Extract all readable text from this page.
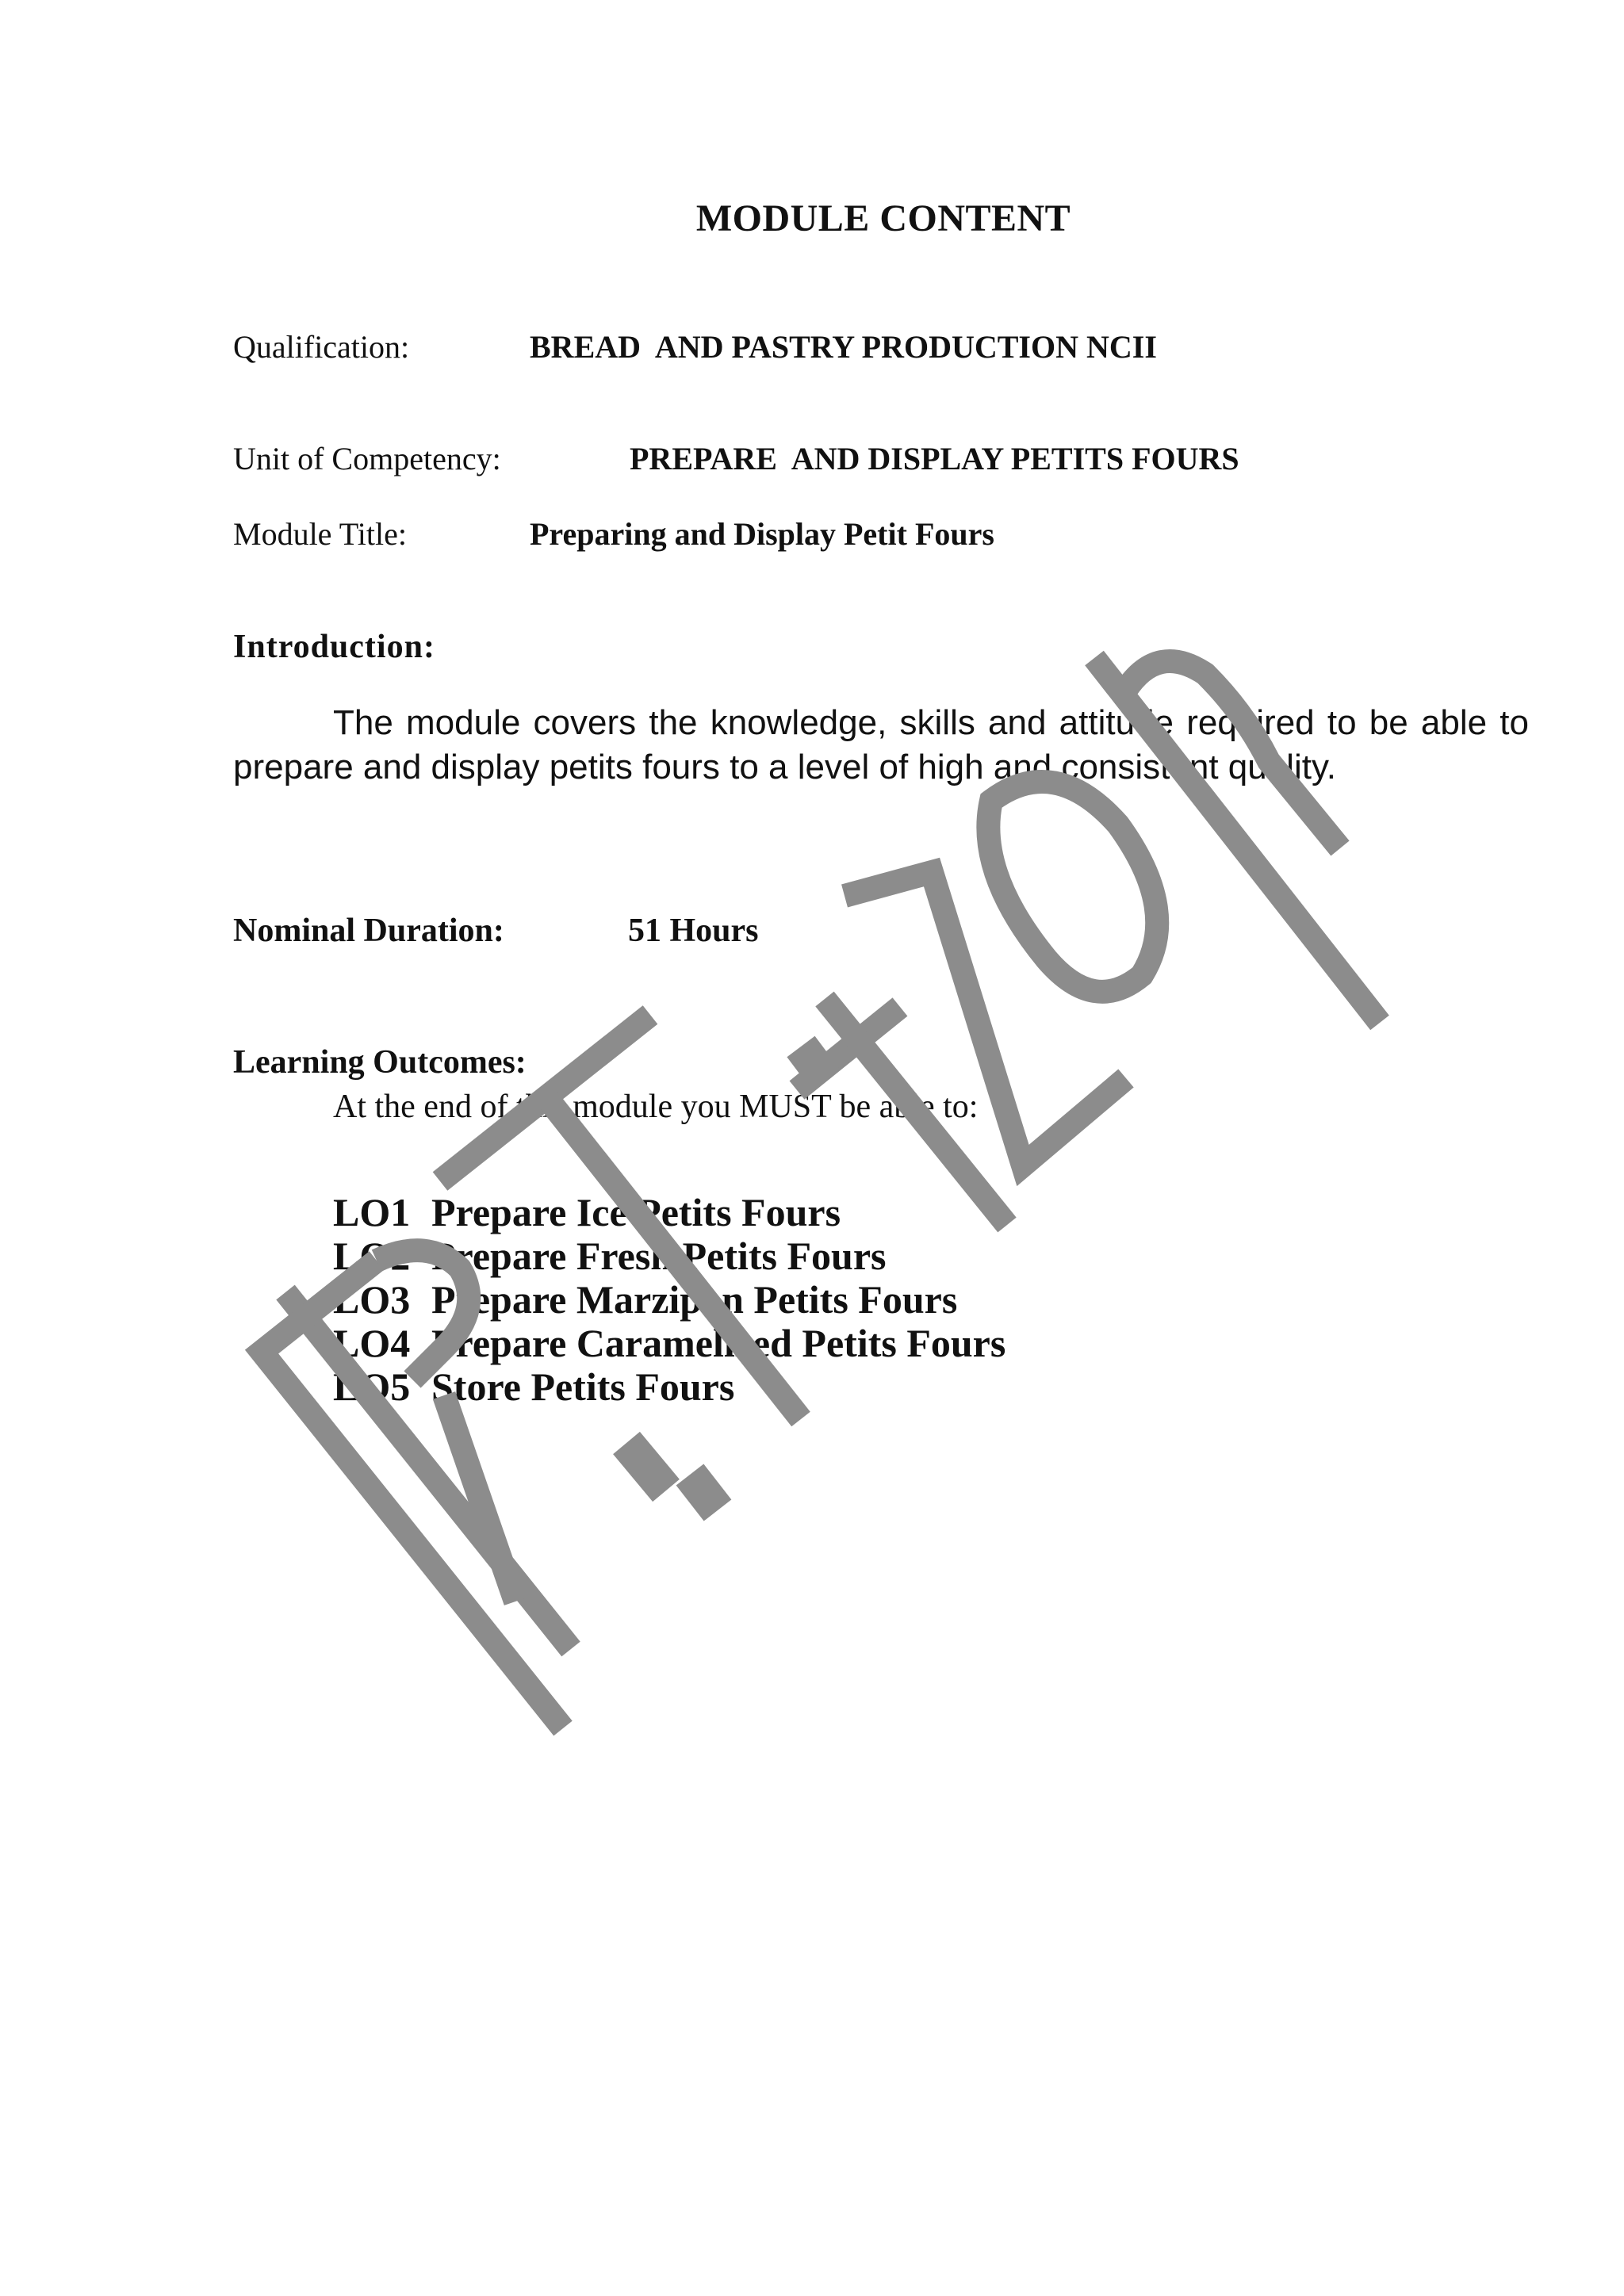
MODULE CONTENT
Qualification:	BREAD  AND PASTRY PRODUCTION NCII
Unit of Competency:	PREPARE  AND DISPLAY PETITS FOURS
Module Title:	Preparing and Display Petit Fours
Introduction:
The module covers the knowledge, skills and attitude required to be able to prepare and display petits fours to a level of high and consistent quality.
Nominal Duration:	51 Hours
Learning Outcomes:
At the end of this module you MUST be able to:
LO1 Prepare Ice Petits Fours
LO2 Prepare Fresh Petits Fours
LO3 Prepare Marzipan Petits Fours
LO4 Prepare Caramelized Petits Fours
LO5 Store Petits Fours
